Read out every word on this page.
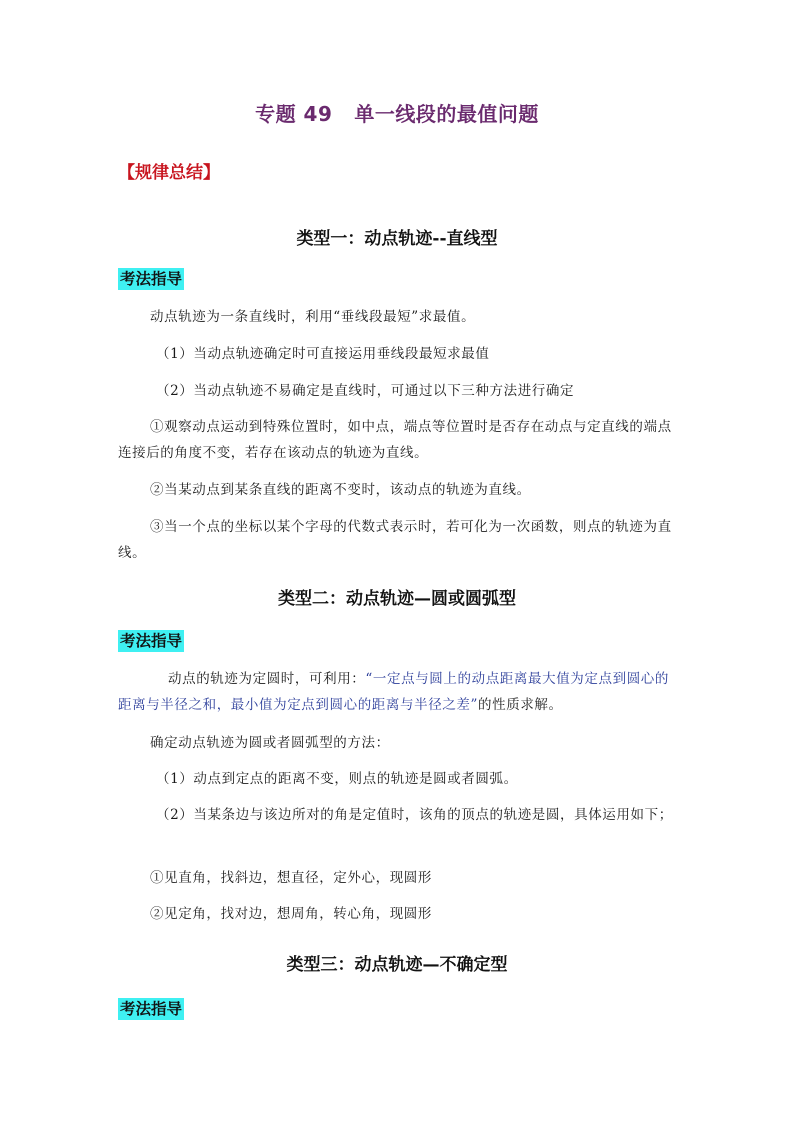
专题 49 单一线段的最值问题
【规律总结】
类型一：动点轨迹--直线型
考法指导
动点轨迹为一条直线时，利用“垂线段最短”求最值。
（1）当动点轨迹确定时可直接运用垂线段最短求最值
（2）当动点轨迹不易确定是直线时，可通过以下三种方法进行确定
①观察动点运动到特殊位置时，如中点，端点等位置时是否存在动点与定直线的端点连接后的角度不变，若存在该动点的轨迹为直线。
②当某动点到某条直线的距离不变时，该动点的轨迹为直线。
③当一个点的坐标以某个字母的代数式表示时，若可化为一次函数，则点的轨迹为直线。
类型二：动点轨迹—圆或圆弧型
考法指导
动点的轨迹为定圆时，可利用：“一定点与圆上的动点距离最大值为定点到圆心的距离与半径之和，最小值为定点到圆心的距离与半径之差”的性质求解。
确定动点轨迹为圆或者圆弧型的方法：
（1）动点到定点的距离不变，则点的轨迹是圆或者圆弧。
（2）当某条边与该边所对的角是定值时，该角的顶点的轨迹是圆，具体运用如下；
①见直角，找斜边，想直径，定外心，现圆形
②见定角，找对边，想周角，转心角，现圆形
类型三：动点轨迹—不确定型
考法指导
